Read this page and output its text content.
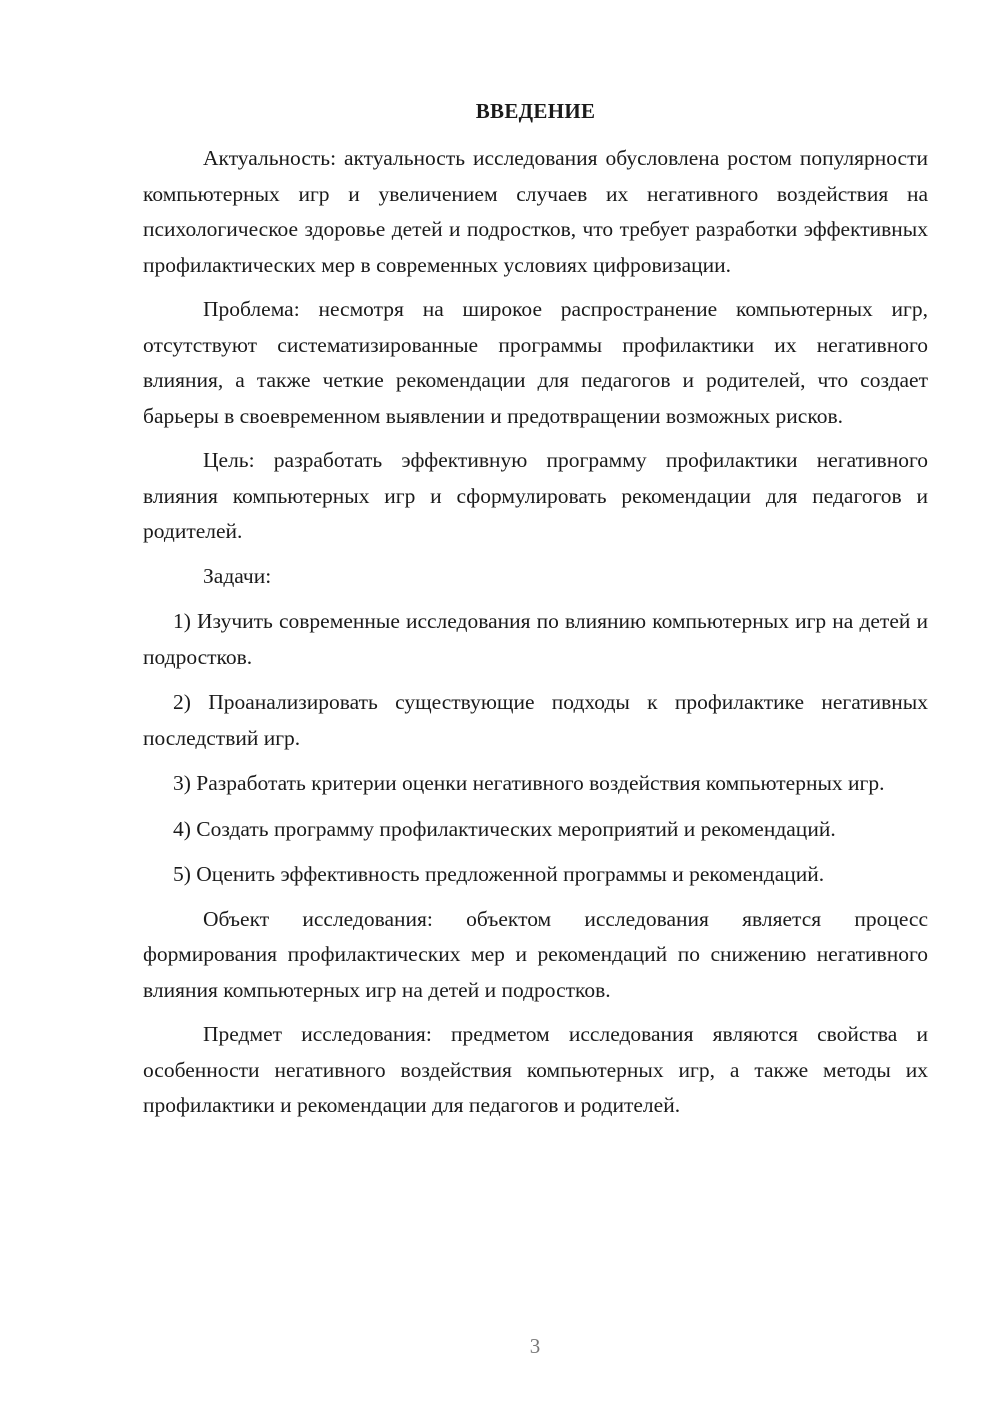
ВВЕДЕНИЕ

Актуальность: актуальность исследования обусловлена ростом популярности компьютерных игр и увеличением случаев их негативного воздействия на психологическое здоровье детей и подростков, что требует разработки эффективных профилактических мер в современных условиях цифровизации.

Проблема: несмотря на широкое распространение компьютерных игр, отсутствуют систематизированные программы профилактики их негативного влияния, а также четкие рекомендации для педагогов и родителей, что создает барьеры в своевременном выявлении и предотвращении возможных рисков.

Цель: разработать эффективную программу профилактики негативного влияния компьютерных игр и сформулировать рекомендации для педагогов и родителей.

Задачи:

1) Изучить современные исследования по влиянию компьютерных игр на детей и подростков.

2) Проанализировать существующие подходы к профилактике негативных последствий игр.

3) Разработать критерии оценки негативного воздействия компьютерных игр.

4) Создать программу профилактических мероприятий и рекомендаций.

5) Оценить эффективность предложенной программы и рекомендаций.

Объект исследования: объектом исследования является процесс формирования профилактических мер и рекомендаций по снижению негативного влияния компьютерных игр на детей и подростков.

Предмет исследования: предметом исследования являются свойства и особенности негативного воздействия компьютерных игр, а также методы их профилактики и рекомендации для педагогов и родителей.

3
